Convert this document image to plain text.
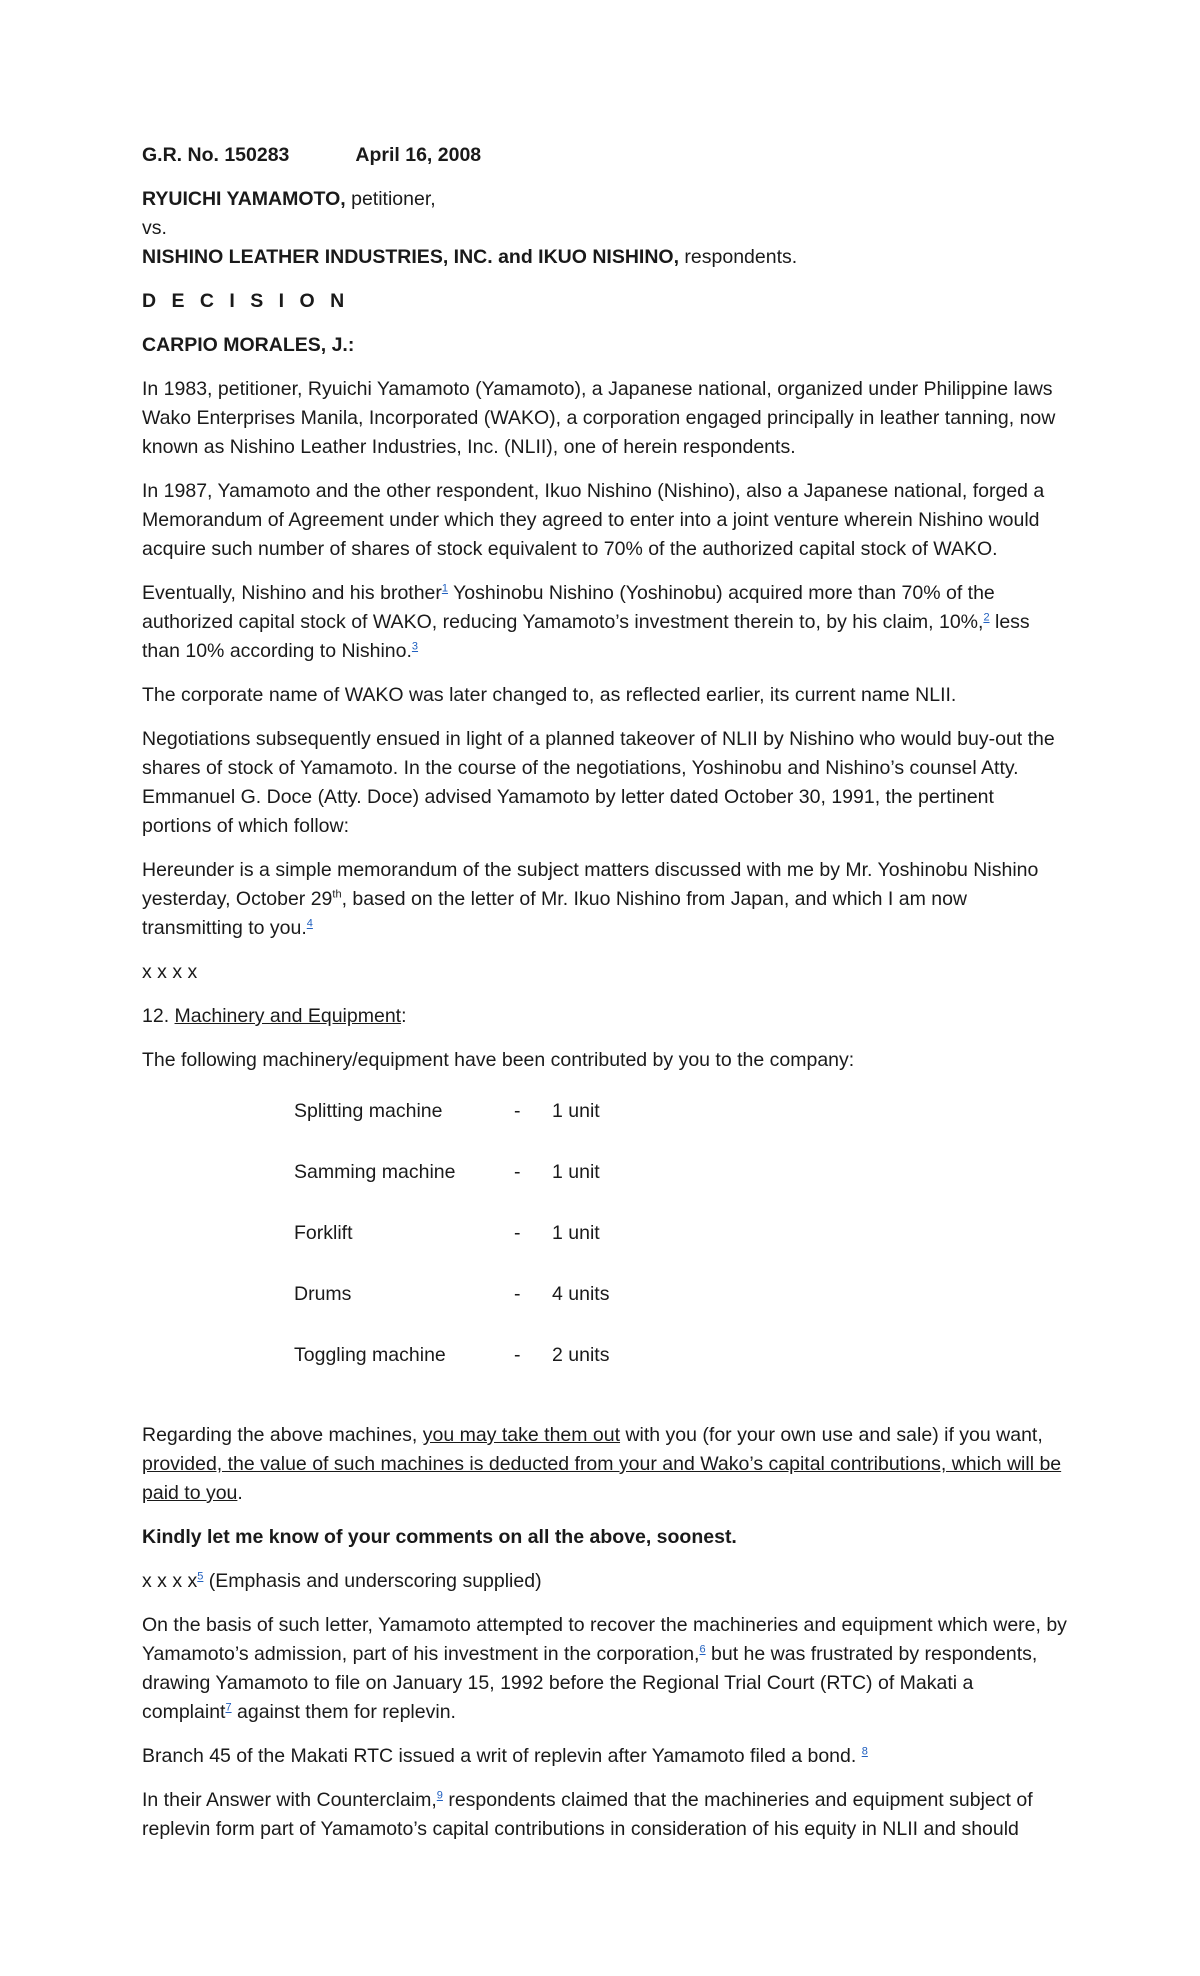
G.R. No. 150283	April 16, 2008

RYUICHI YAMAMOTO, petitioner,
vs.
NISHINO LEATHER INDUSTRIES, INC. and IKUO NISHINO, respondents.

D E C I S I O N

CARPIO MORALES, J.:

In 1983, petitioner, Ryuichi Yamamoto (Yamamoto), a Japanese national, organized under Philippine laws Wako Enterprises Manila, Incorporated (WAKO), a corporation engaged principally in leather tanning, now known as Nishino Leather Industries, Inc. (NLII), one of herein respondents.

In 1987, Yamamoto and the other respondent, Ikuo Nishino (Nishino), also a Japanese national, forged a Memorandum of Agreement under which they agreed to enter into a joint venture wherein Nishino would acquire such number of shares of stock equivalent to 70% of the authorized capital stock of WAKO.

Eventually, Nishino and his brother$^1$ Yoshinobu Nishino (Yoshinobu) acquired more than 70% of the authorized capital stock of WAKO, reducing Yamamoto’s investment therein to, by his claim, 10%,$^2$ less than 10% according to Nishino.$^3$

The corporate name of WAKO was later changed to, as reflected earlier, its current name NLII.

Negotiations subsequently ensued in light of a planned takeover of NLII by Nishino who would buy-out the shares of stock of Yamamoto. In the course of the negotiations, Yoshinobu and Nishino’s counsel Atty. Emmanuel G. Doce (Atty. Doce) advised Yamamoto by letter dated October 30, 1991, the pertinent portions of which follow:

Hereunder is a simple memorandum of the subject matters discussed with me by Mr. Yoshinobu Nishino yesterday, October 29th, based on the letter of Mr. Ikuo Nishino from Japan, and which I am now transmitting to you.$^4$

x x x x

12. Machinery and Equipment:

The following machinery/equipment have been contributed by you to the company:

Splitting machine	-	1 unit
Samming machine	-	1 unit
Forklift	-	1 unit
Drums	-	4 units
Toggling machine	-	2 units

Regarding the above machines, you may take them out with you (for your own use and sale) if you want, provided, the value of such machines is deducted from your and Wako’s capital contributions, which will be paid to you.

Kindly let me know of your comments on all the above, soonest.

x x x x$^5$ (Emphasis and underscoring supplied)

On the basis of such letter, Yamamoto attempted to recover the machineries and equipment which were, by Yamamoto’s admission, part of his investment in the corporation,$^6$ but he was frustrated by respondents, drawing Yamamoto to file on January 15, 1992 before the Regional Trial Court (RTC) of Makati a complaint$^7$ against them for replevin.

Branch 45 of the Makati RTC issued a writ of replevin after Yamamoto filed a bond. $^8$

In their Answer with Counterclaim,$^9$ respondents claimed that the machineries and equipment subject of replevin form part of Yamamoto’s capital contributions in consideration of his equity in NLII and should
